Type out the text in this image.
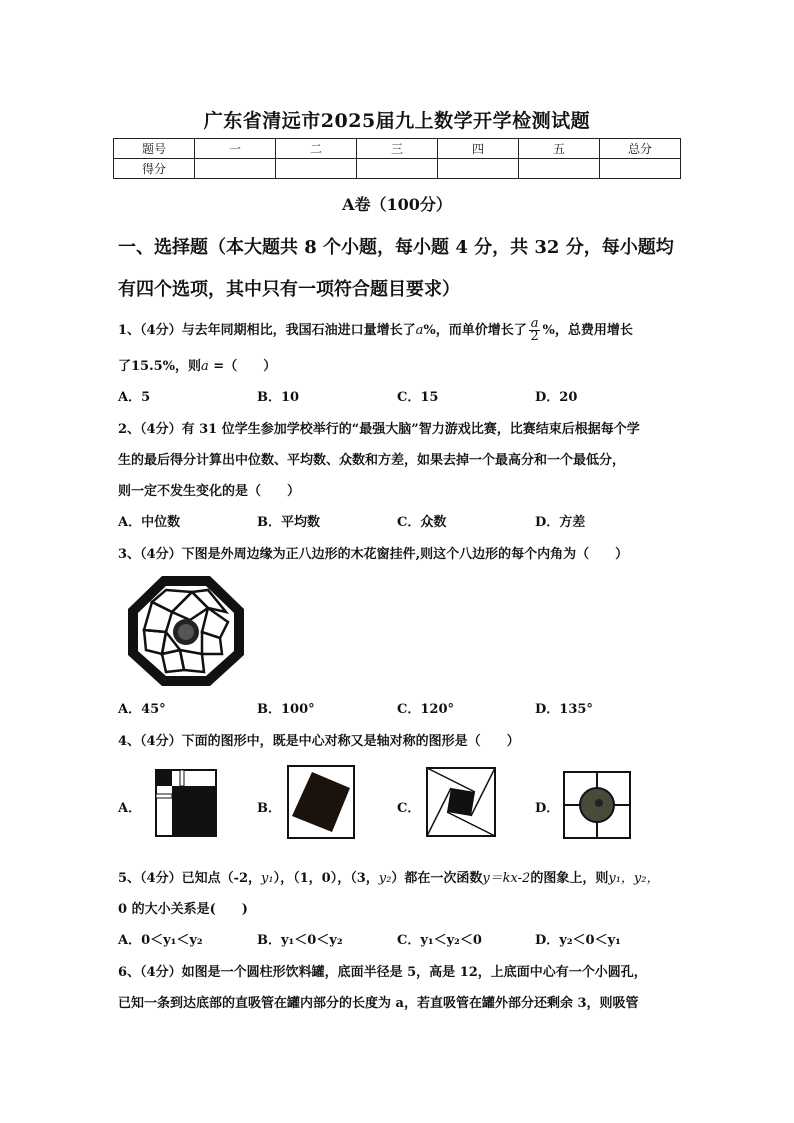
广东省清远市2025届九上数学开学检测试题
题号	一	二	三	四	五	总分
得分						
A卷（100分）
一、选择题（本大题共 8 个小题，每小题 4 分，共 32 分，每小题均
有四个选项，其中只有一项符合题目要求）
1、（4分）与去年同期相比，我国石油进口量增长了a%，而单价增长了 $\frac{a}{2}$ %，总费用增长
了15.5%，则a =（　　）
A．5	B．10	C．15	D．20
2、（4分）有 31 位学生参加学校举行的“最强大脑”智力游戏比赛，比赛结束后根据每个学
生的最后得分计算出中位数、平均数、众数和方差，如果去掉一个最高分和一个最低分，
则一定不发生变化的是（　　）
A．中位数	B．平均数	C．众数	D．方差
3、（4分）下图是外周边缘为正八边形的木花窗挂件,则这个八边形的每个内角为（　　）
A．45°	B．100°	C．120°	D．135°
4、（4分）下面的图形中，既是中心对称又是轴对称的图形是（　　）
A．	B．	C．	D．
5、（4分）已知点（-2，y₁），（1，0），（3，y₂）都在一次函数y＝kx-2的图象上，则y₁，y₂，
0 的大小关系是(　　)
A．0＜y₁＜y₂	B．y₁＜0＜y₂	C．y₁＜y₂＜0	D．y₂＜0＜y₁
6、（4分）如图是一个圆柱形饮料罐，底面半径是 5，高是 12，上底面中心有一个小圆孔，
已知一条到达底部的直吸管在罐内部分的长度为 a，若直吸管在罐外部分还剩余 3，则吸管
